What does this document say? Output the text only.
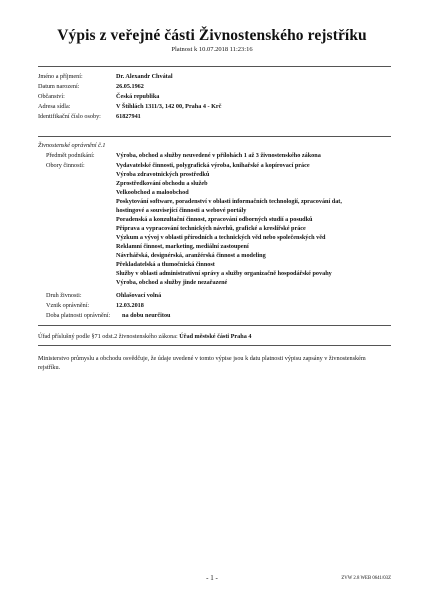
Výpis z veřejné části Živnostenského rejstříku
Platnost k 10.07.2018 11:23:16
Jméno a příjmení:	Dr. Alexandr Chvátal
Datum narození:	26.05.1962
Občanství:	Česká republika
Adresa sídla:	V Štíhlách 1311/3, 142 00, Praha 4 - Krč
Identifikační číslo osoby: 61827941
Živnostenské oprávnění č.1
Předmět podnikání:	Výroba, obchod a služby neuvedené v přílohách 1 až 3 živnostenského zákona
Obory činností:	Vydavatelské činnosti, polygrafická výroba, knihařské a kopírovací práce
Výroba zdravotnických prostředků
Zprostředkování obchodu a služeb
Velkoobchod a maloobchod
Poskytování software, poradenství v oblasti informačních technologií, zpracování dat,
hostingové a související činnosti a webové portály
Poradenská a konzultační činnost, zpracování odborných studií a posudků
Příprava a vypracování technických návrhů, grafické a kreslířské práce
Výzkum a vývoj v oblasti přírodních a technických věd nebo společenských věd
Reklamní činnost, marketing, mediální zastoupení
Návrhářská, designérská, aranžérská činnost a modeling
Překladatelská a tlumočnická činnost
Služby v oblasti administrativní správy a služby organizačně hospodářské povahy
Výroba, obchod a služby jinde nezařazené
Druh živnosti:	Ohlašovací volná
Vznik oprávnění:	12.03.2018
Doba platnosti oprávnění: na dobu neurčitou
Úřad příslušný podle §71 odst.2 živnostenského zákona: Úřad městské části Praha 4
Ministerstvo průmyslu a obchodu osvědčuje, že údaje uvedené v tomto výpise jsou k datu platnosti výpisu zapsány v živnostenském rejstříku.
- 1 -	ZVW 2.8 WEB 0641/03Z
